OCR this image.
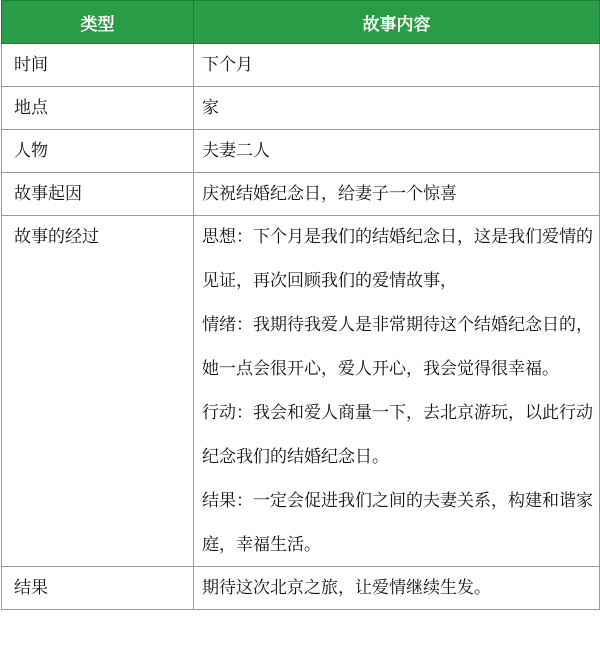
类型	故事内容
时间	下个月
地点	家
人物	夫妻二人
故事起因	庆祝结婚纪念日，给妻子一个惊喜
故事的经过	思想：下个月是我们的结婚纪念日，这是我们爱情的见证，再次回顾我们的爱情故事，

情绪：我期待我爱人是非常期待这个结婚纪念日的，她一点会很开心，爱人开心，我会觉得很幸福。

行动：我会和爱人商量一下，去北京游玩，以此行动纪念我们的结婚纪念日。

结果：一定会促进我们之间的夫妻关系，构建和谐家庭，幸福生活。

结果	期待这次北京之旅，让爱情继续生发。
